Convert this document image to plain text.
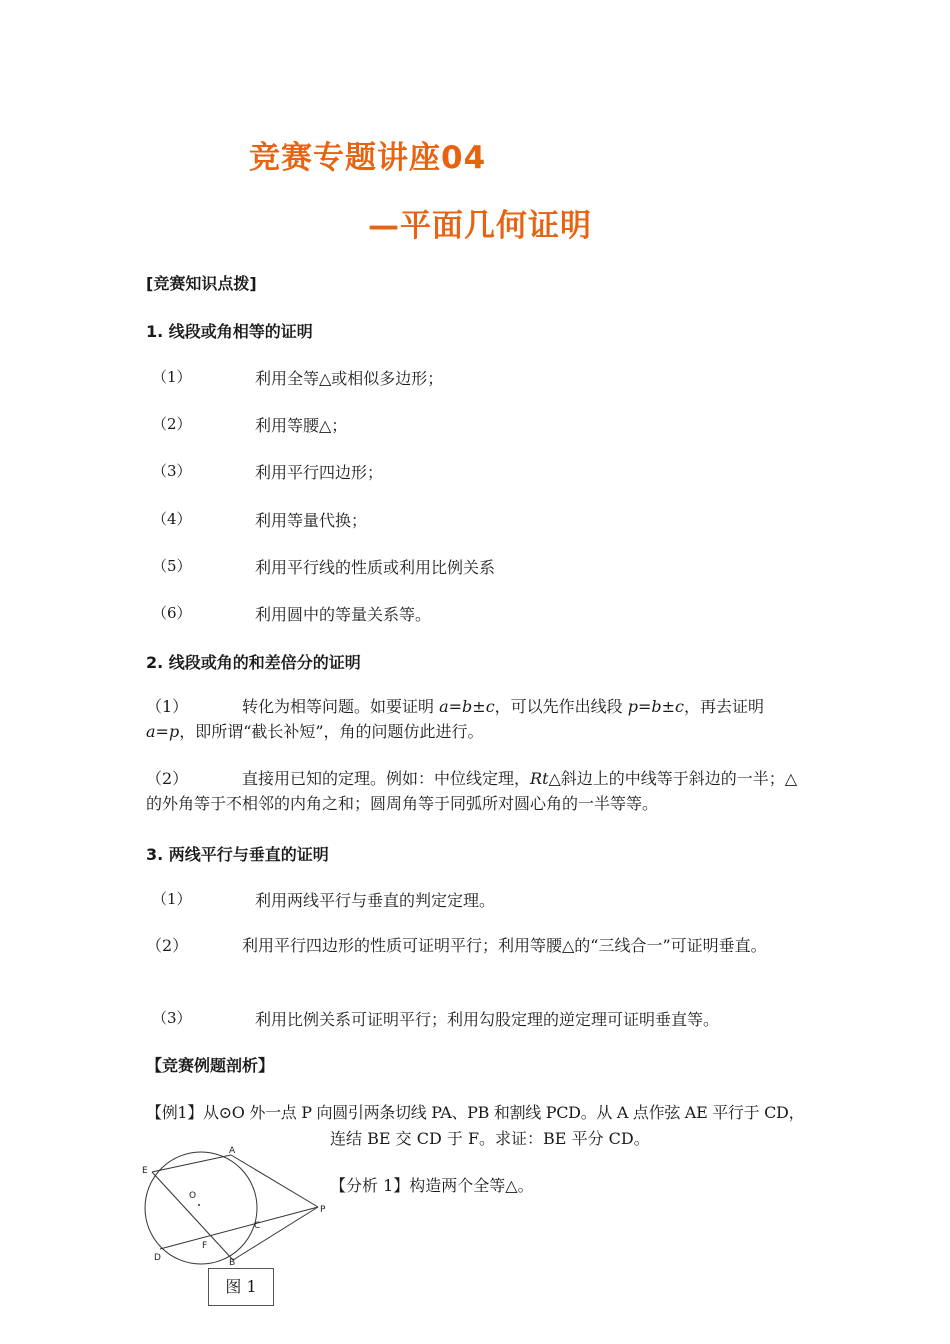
竞赛专题讲座04
—平面几何证明
[竞赛知识点拨]
1. 线段或角相等的证明
（1）	利用全等△或相似多边形；
（2）	利用等腰△；
（3）	利用平行四边形；
（4）	利用等量代换；
（5）	利用平行线的性质或利用比例关系
（6）	利用圆中的等量关系等。
2. 线段或角的和差倍分的证明
（1）	转化为相等问题。如要证明 a=b±c，可以先作出线段 p=b±c，再去证明 a=p，即所谓“截长补短”，角的问题仿此进行。
（2）	直接用已知的定理。例如：中位线定理，Rt△斜边上的中线等于斜边的一半；△的外角等于不相邻的内角之和；圆周角等于同弧所对圆心角的一半等等。
3. 两线平行与垂直的证明
（1）	利用两线平行与垂直的判定定理。
（2）	利用平行四边形的性质可证明平行；利用等腰△的“三线合一”可证明垂直。
（3）	利用比例关系可证明平行；利用勾股定理的逆定理可证明垂直等。
【竞赛例题剖析】
【例1】从⊙O 外一点 P 向圆引两条切线 PA、PB 和割线 PCD。从 A 点作弦 AE 平行于 CD，
连结 BE 交 CD 于 F。求证：BE 平分 CD。
【分析 1】构造两个全等△。
A
E
O
P
C
F
D	B
图 1
